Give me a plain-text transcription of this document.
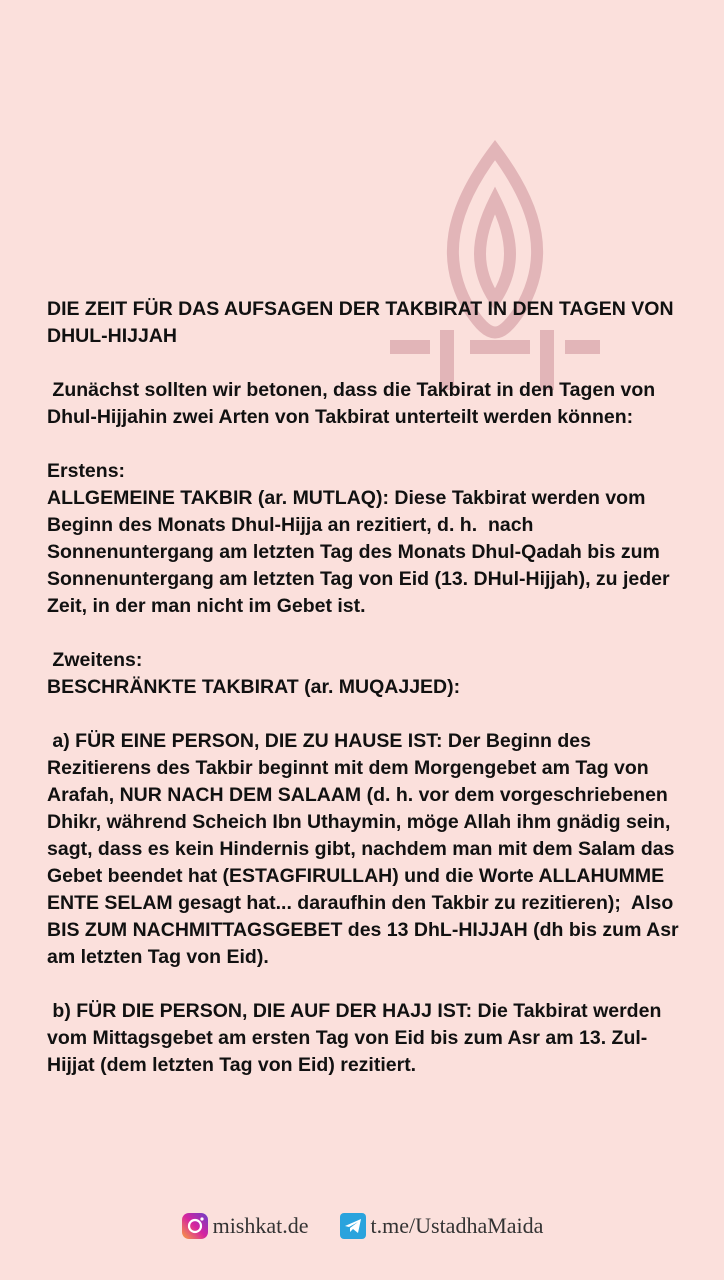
DIE ZEIT FÜR DAS AUFSAGEN DER TAKBIRAT IN DEN TAGEN VON DHUL-HIJJAH

Zunächst sollten wir betonen, dass die Takbirat in den Tagen von Dhul-Hijjahin zwei Arten von Takbirat unterteilt werden können:

Erstens:

ALLGEMEINE TAKBIR (ar. MUTLAQ): Diese Takbirat werden vom Beginn des Monats Dhul-Hijja an rezitiert, d. h.  nach Sonnenuntergang am letzten Tag des Monats Dhul-Qadah bis zum Sonnenuntergang am letzten Tag von Eid (13. DHul-Hijjah), zu jeder Zeit, in der man nicht im Gebet ist.

Zweitens:

BESCHRÄNKTE TAKBIRAT (ar. MUQAJJED):

a) FÜR EINE PERSON, DIE ZU HAUSE IST: Der Beginn des Rezitierens des Takbir beginnt mit dem Morgengebet am Tag von Arafah, NUR NACH DEM SALAAM (d. h. vor dem vorgeschriebenen Dhikr, während Scheich Ibn Uthaymin, möge Allah ihm gnädig sein, sagt, dass es kein Hindernis gibt, nachdem man mit dem Salam das Gebet beendet hat (ESTAGFIRULLAH) und die Worte ALLAHUMME ENTE SELAM gesagt hat... daraufhin den Takbir zu rezitieren);  Also BIS ZUM NACHMITTAGSGEBET des 13 DhL-HIJJAH (dh bis zum Asr am letzten Tag von Eid).

b) FÜR DIE PERSON, DIE AUF DER HAJJ IST: Die Takbirat werden vom Mittagsgebet am ersten Tag von Eid bis zum Asr am 13. Zul-Hijjat (dem letzten Tag von Eid) rezitiert.

mishkat.de	t.me/UstadhaMaida
